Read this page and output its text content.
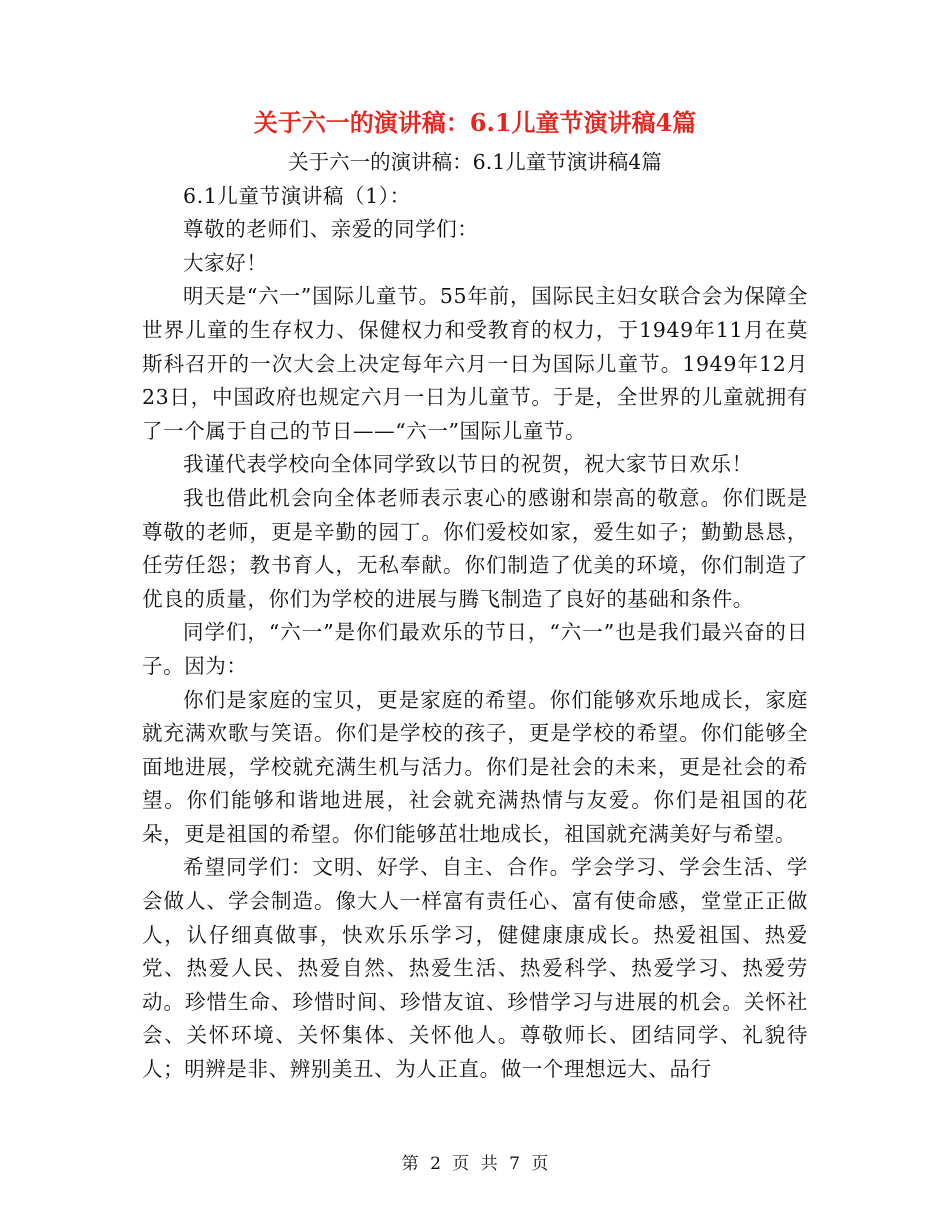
关于六一的演讲稿：6.1儿童节演讲稿4篇

关于六一的演讲稿：6.1儿童节演讲稿4篇

6.1儿童节演讲稿（1）：

尊敬的老师们、亲爱的同学们：

大家好！

明天是“六一”国际儿童节。55年前，国际民主妇女联合会为保障全世界儿童的生存权力、保健权力和受教育的权力，于1949年11月在莫斯科召开的一次大会上决定每年六月一日为国际儿童节。1949年12月23日，中国政府也规定六月一日为儿童节。于是，全世界的儿童就拥有了一个属于自己的节日——“六一”国际儿童节。

我谨代表学校向全体同学致以节日的祝贺，祝大家节日欢乐！

我也借此机会向全体老师表示衷心的感谢和崇高的敬意。你们既是尊敬的老师，更是辛勤的园丁。你们爱校如家，爱生如子；勤勤恳恳，任劳任怨；教书育人，无私奉献。你们制造了优美的环境，你们制造了优良的质量，你们为学校的进展与腾飞制造了良好的基础和条件。

同学们，“六一”是你们最欢乐的节日，“六一”也是我们最兴奋的日子。因为：

你们是家庭的宝贝，更是家庭的希望。你们能够欢乐地成长，家庭就充满欢歌与笑语。你们是学校的孩子，更是学校的希望。你们能够全面地进展，学校就充满生机与活力。你们是社会的未来，更是社会的希望。你们能够和谐地进展，社会就充满热情与友爱。你们是祖国的花朵，更是祖国的希望。你们能够茁壮地成长，祖国就充满美好与希望。

希望同学们：文明、好学、自主、合作。学会学习、学会生活、学会做人、学会制造。像大人一样富有责任心、富有使命感，堂堂正正做人，认仔细真做事，快欢乐乐学习，健健康康成长。热爱祖国、热爱党、热爱人民、热爱自然、热爱生活、热爱科学、热爱学习、热爱劳动。珍惜生命、珍惜时间、珍惜友谊、珍惜学习与进展的机会。关怀社会、关怀环境、关怀集体、关怀他人。尊敬师长、团结同学、礼貌待人；明辨是非、辨别美丑、为人正直。做一个理想远大、品行

第 2 页 共 7 页
